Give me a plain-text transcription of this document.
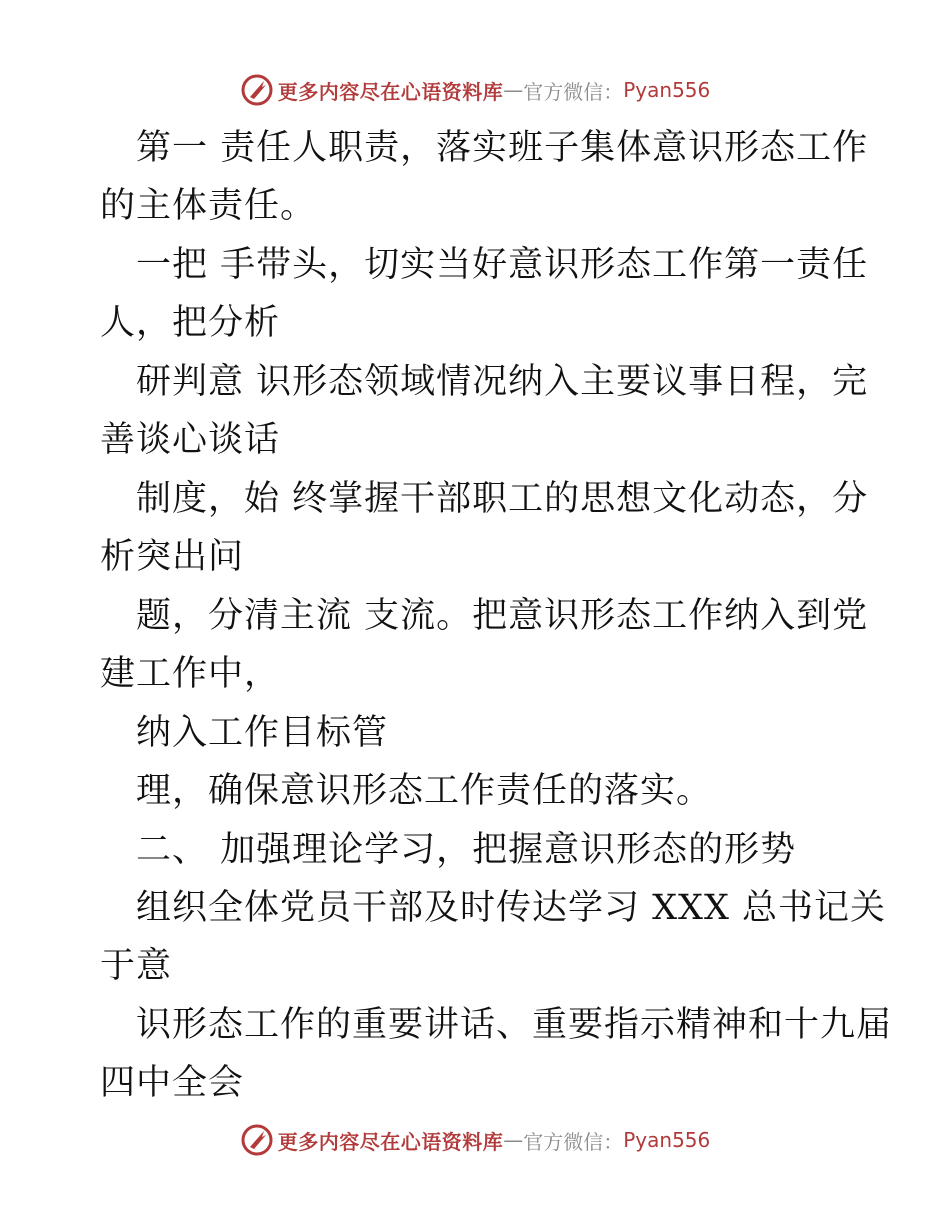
更多内容尽在心语资料库 — 官方微信： Pyan556
第一 责任人职责，落实班子集体意识形态工作
的主体责任。
一把 手带头，切实当好意识形态工作第一责任
人，把分析
研判意 识形态领域情况纳入主要议事日程，完
善谈心谈话
制度，始 终掌握干部职工的思想文化动态，分
析突出问
题，分清主流 支流。把意识形态工作纳入到党
建工作中，
纳入工作目标管
理，确保意识形态工作责任的落实。
二、 加强理论学习，把握意识形态的形势
组织全体党员干部及时传达学习 XXX 总书记关
于意
识形态工作的重要讲话、重要指示精神和十九届
四中全会
更多内容尽在心语资料库 — 官方微信： Pyan556
